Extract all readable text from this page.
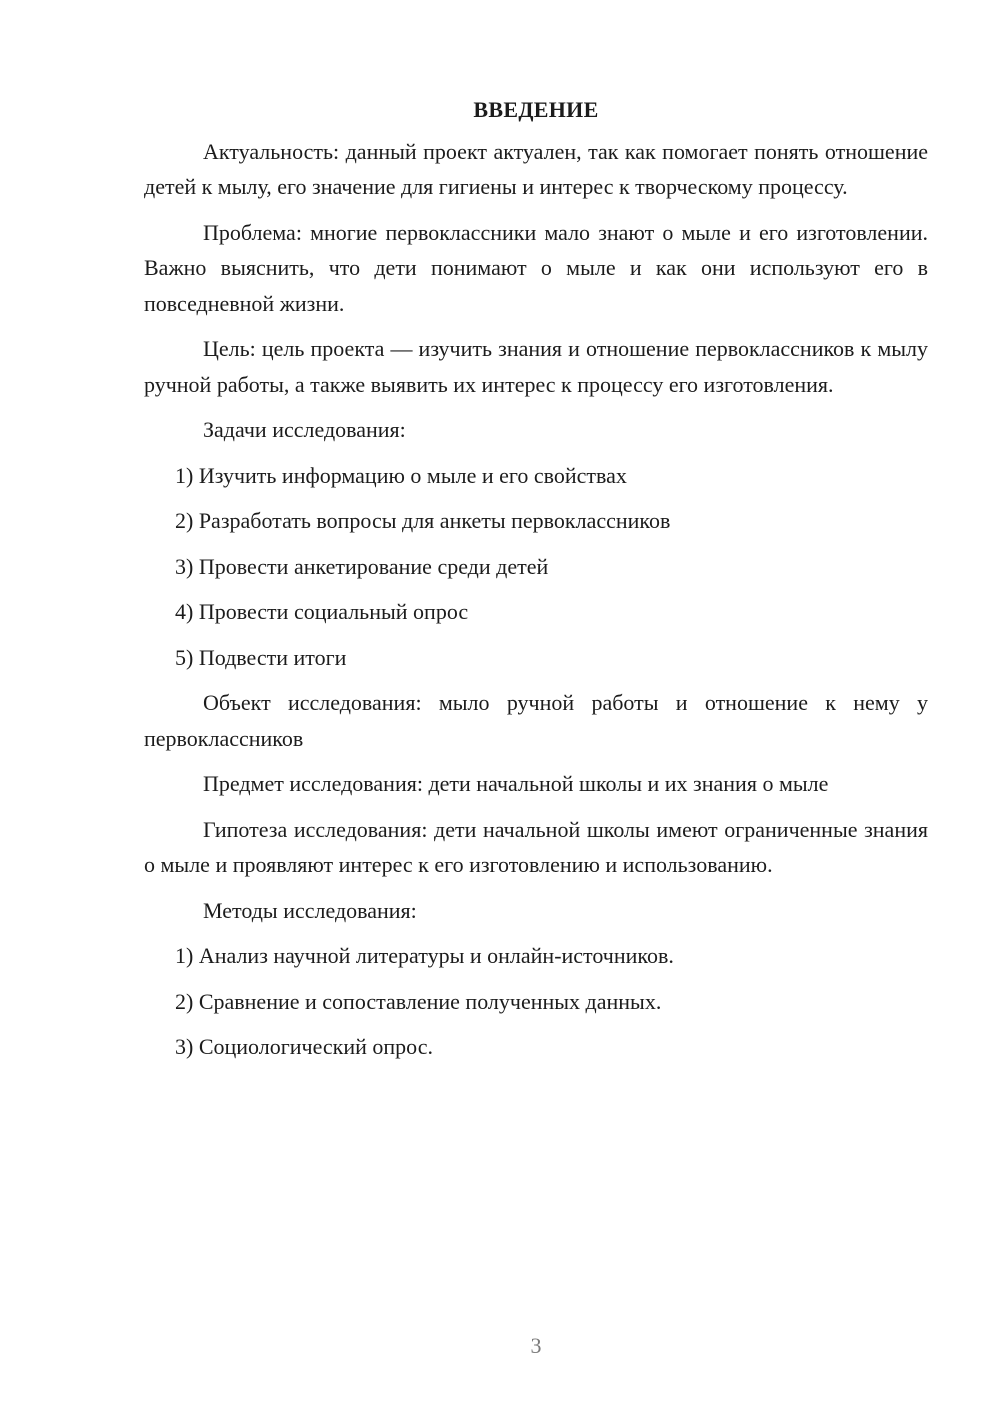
ВВЕДЕНИЕ
Актуальность: данный проект актуален, так как помогает понять отношение детей к мылу, его значение для гигиены и интерес к творческому процессу.
Проблема: многие первоклассники мало знают о мыле и его изготовлении. Важно выяснить, что дети понимают о мыле и как они используют его в повседневной жизни.
Цель: цель проекта — изучить знания и отношение первоклассников к мылу ручной работы, а также выявить их интерес к процессу его изготовления.
Задачи исследования:
1) Изучить информацию о мыле и его свойствах
2) Разработать вопросы для анкеты первоклассников
3) Провести анкетирование среди детей
4) Провести социальный опрос
5) Подвести итоги
Объект исследования: мыло ручной работы и отношение к нему у первоклассников
Предмет исследования: дети начальной школы и их знания о мыле
Гипотеза исследования: дети начальной школы имеют ограниченные знания о мыле и проявляют интерес к его изготовлению и использованию.
Методы исследования:
1) Анализ научной литературы и онлайн-источников.
2) Сравнение и сопоставление полученных данных.
3) Социологический опрос.
3
